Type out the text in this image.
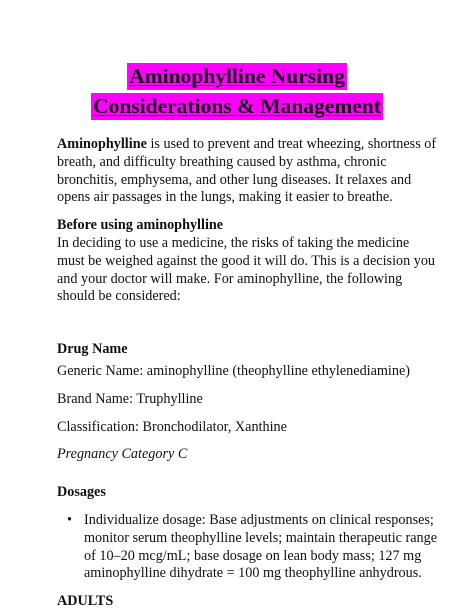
Aminophylline Nursing
Considerations & Management

Aminophylline is used to prevent and treat wheezing, shortness of breath, and difficulty breathing caused by asthma, chronic bronchitis, emphysema, and other lung diseases. It relaxes and opens air passages in the lungs, making it easier to breathe.

Before using aminophylline

In deciding to use a medicine, the risks of taking the medicine must be weighed against the good it will do. This is a decision you and your doctor will make. For aminophylline, the following should be considered:

Drug Name

Generic Name: aminophylline (theophylline ethylenediamine)

Brand Name: Truphylline

Classification: Bronchodilator, Xanthine

Pregnancy Category C

Dosages

• Individualize dosage: Base adjustments on clinical responses; monitor serum theophylline levels; maintain therapeutic range of 10–20 mcg/mL; base dosage on lean body mass; 127 mg aminophylline dihydrate = 100 mg theophylline anhydrous.

ADULTS
